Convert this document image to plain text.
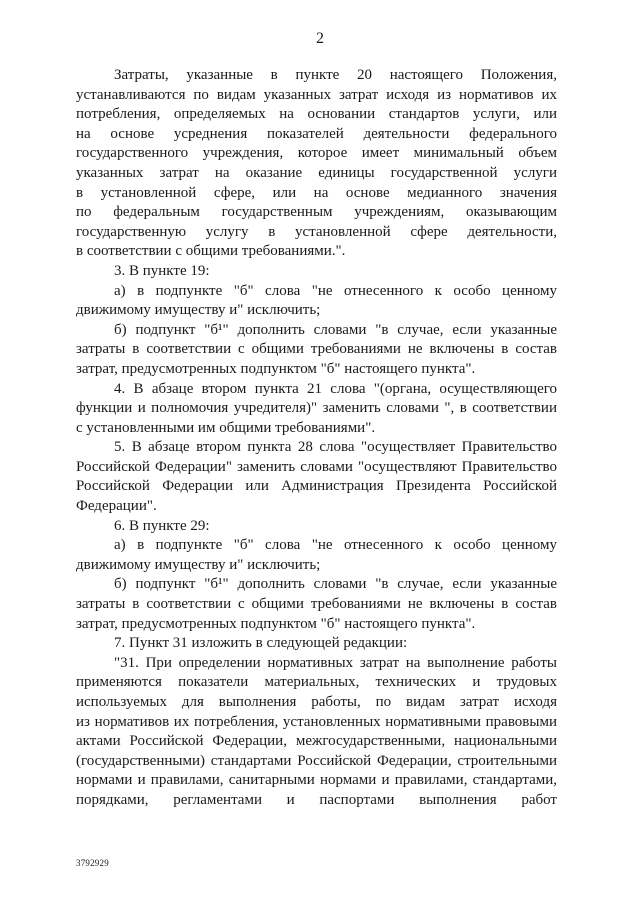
2
Затраты, указанные в пункте 20 настоящего Положения,
устанавливаются по видам указанных затрат исходя из нормативов их
потребления, определяемых на основании стандартов услуги, или
на основе усреднения показателей деятельности федерального
государственного учреждения, которое имеет минимальный объем
указанных затрат на оказание единицы государственной услуги
в установленной сфере, или на основе медианного значения
по федеральным государственным учреждениям, оказывающим
государственную услугу в установленной сфере деятельности,
в соответствии с общими требованиями.".
3. В пункте 19:
а) в подпункте "б" слова "не отнесенного к особо ценному
движимому имуществу и" исключить;
б) подпункт "б¹" дополнить словами "в случае, если указанные
затраты в соответствии с общими требованиями не включены в состав
затрат, предусмотренных подпунктом "б" настоящего пункта".
4. В абзаце втором пункта 21 слова "(органа, осуществляющего
функции и полномочия учредителя)" заменить словами ", в соответствии
с установленными им общими требованиями".
5. В абзаце втором пункта 28 слова "осуществляет Правительство
Российской Федерации" заменить словами "осуществляют Правительство
Российской Федерации или Администрация Президента Российской
Федерации".
6. В пункте 29:
а) в подпункте "б" слова "не отнесенного к особо ценному
движимому имуществу и" исключить;
б) подпункт "б¹" дополнить словами "в случае, если указанные
затраты в соответствии с общими требованиями не включены в состав
затрат, предусмотренных подпунктом "б" настоящего пункта".
7. Пункт 31 изложить в следующей редакции:
"31. При определении нормативных затрат на выполнение работы
применяются показатели материальных, технических и трудовых
используемых для выполнения работы, по видам затрат исходя
из нормативов их потребления, установленных нормативными правовыми
актами Российской Федерации, межгосударственными, национальными
(государственными) стандартами Российской Федерации, строительными
нормами и правилами, санитарными нормами и правилами, стандартами,
порядками, регламентами и паспортами выполнения работ
3792929
